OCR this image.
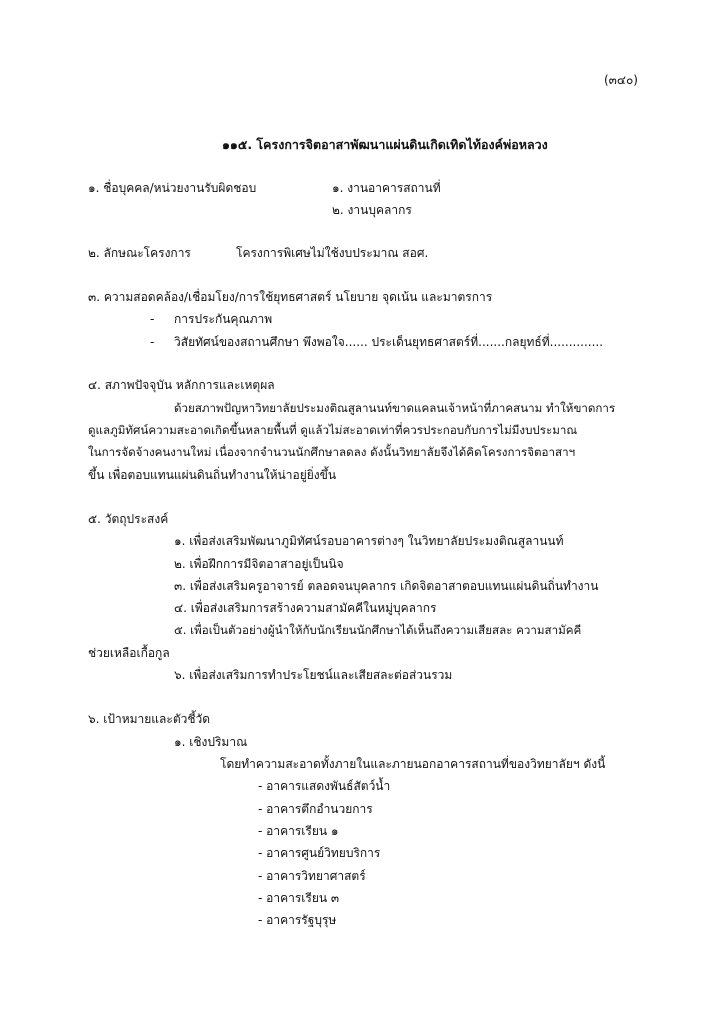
(๓๔๐)
๑๑๕. โครงการจิตอาสาพัฒนาแผ่นดินเกิดเทิดไท้องค์พ่อหลวง
๑. ชื่อบุคคล/หน่วยงานรับผิดชอบ	๑. งานอาคารสถานที่
๒. งานบุคลากร
๒. ลักษณะโครงการ	โครงการพิเศษไม่ใช้งบประมาณ สอศ.
๓. ความสอดคล้อง/เชื่อมโยง/การใช้ยุทธศาสตร์ นโยบาย จุดเน้น และมาตรการ
- การประกันคุณภาพ
- วิสัยทัศน์ของสถานศึกษา พึงพอใจ...... ประเด็นยุทธศาสตร์ที่.......กลยุทธ์ที่..............
๔. สภาพปัจจุบัน หลักการและเหตุผล
ด้วยสภาพปัญหาวิทยาลัยประมงติณสูลานนท์ขาดแคลนเจ้าหน้าที่ภาคสนาม ทำให้ขาดการ
ดูแลภูมิทัศน์ความสะอาดเกิดขึ้นหลายพื้นที่ ดูแล้วไม่สะอาดเท่าที่ควรประกอบกับการไม่มีงบประมาณ
ในการจัดจ้างคนงานใหม่ เนื่องจากจำนวนนักศึกษาลดลง ดังนั้นวิทยาลัยจึงได้คิดโครงการจิตอาสาฯ
ขึ้น เพื่อตอบแทนแผ่นดินถิ่นทำงานให้น่าอยู่ยิ่งขึ้น
๕. วัตถุประสงค์
๑. เพื่อส่งเสริมพัฒนาภูมิทัศน์รอบอาคารต่างๆ ในวิทยาลัยประมงติณสูลานนท์
๒. เพื่อฝึกการมีจิตอาสาอยู่เป็นนิจ
๓. เพื่อส่งเสริมครูอาจารย์ ตลอดจนบุคลากร เกิดจิตอาสาตอบแทนแผ่นดินถิ่นทำงาน
๔. เพื่อส่งเสริมการสร้างความสามัคคีในหมู่บุคลากร
๕. เพื่อเป็นตัวอย่างผู้นำให้กับนักเรียนนักศึกษาได้เห็นถึงความเสียสละ ความสามัคคี
ช่วยเหลือเกื้อกูล
๖. เพื่อส่งเสริมการทำประโยชน์และเสียสละต่อส่วนรวม
๖. เป้าหมายและตัวชี้วัด
๑. เชิงปริมาณ
โดยทำความสะอาดทั้งภายในและภายนอกอาคารสถานที่ของวิทยาลัยฯ ดังนี้
- อาคารแสดงพันธ์สัตว์น้ำ
- อาคารตึกอำนวยการ
- อาคารเรียน ๑
- อาคารศูนย์วิทยบริการ
- อาคารวิทยาศาสตร์
- อาคารเรียน ๓
- อาคารรัฐบุรุษ
